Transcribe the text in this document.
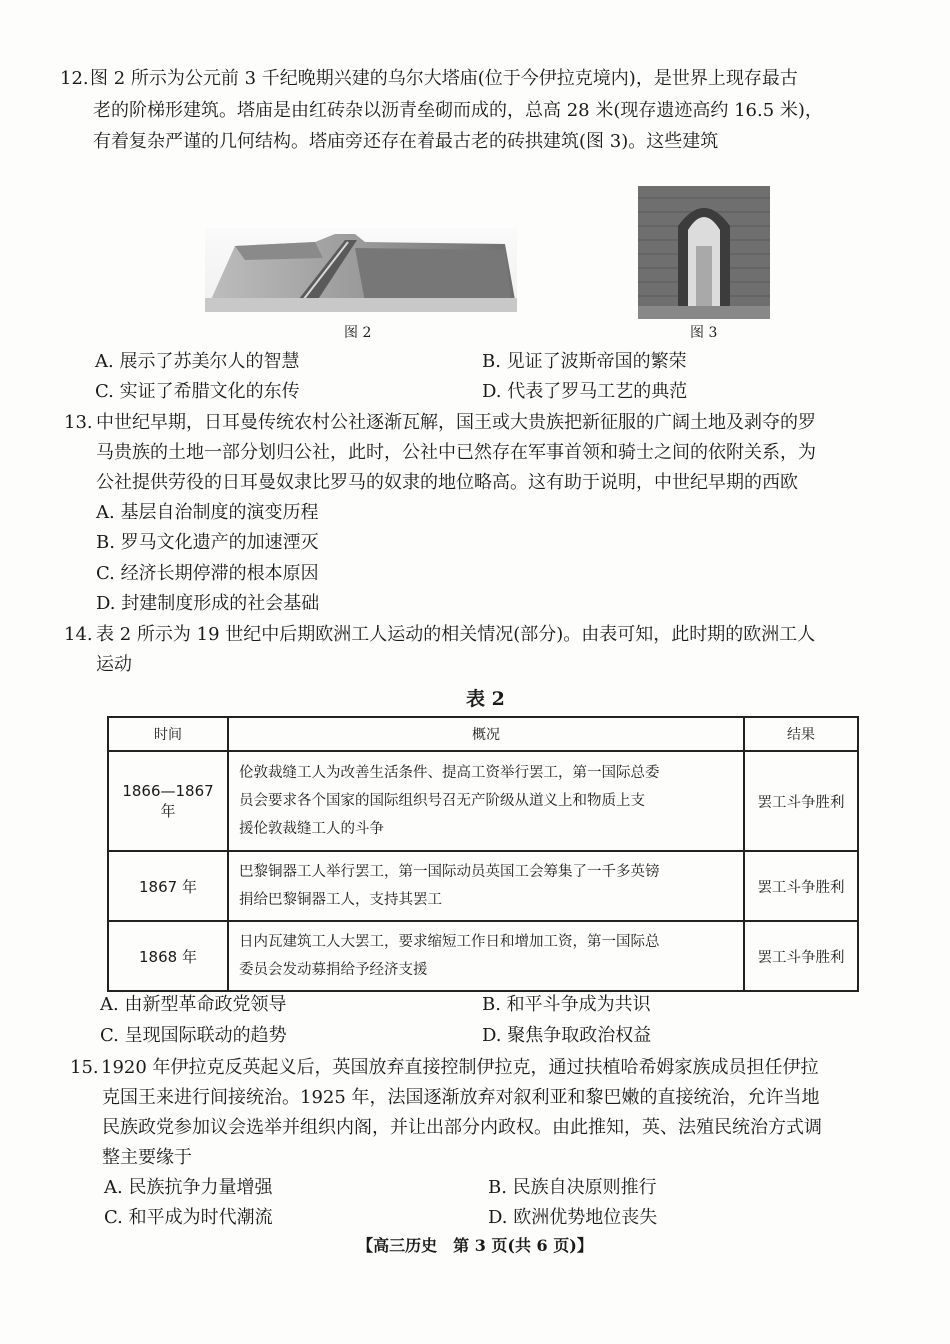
12. 图 2 所示为公元前 3 千纪晚期兴建的乌尔大塔庙(位于今伊拉克境内)，是世界上现存最古
老的阶梯形建筑。塔庙是由红砖杂以沥青垒砌而成的，总高 28 米(现存遗迹高约 16.5 米)，
有着复杂严谨的几何结构。塔庙旁还存在着最古老的砖拱建筑(图 3)。这些建筑
图 2	图 3
A. 展示了苏美尔人的智慧	B. 见证了波斯帝国的繁荣
C. 实证了希腊文化的东传	D. 代表了罗马工艺的典范
13. 中世纪早期，日耳曼传统农村公社逐渐瓦解，国王或大贵族把新征服的广阔土地及剥夺的罗
马贵族的土地一部分划归公社，此时，公社中已然存在军事首领和骑士之间的依附关系，为
公社提供劳役的日耳曼奴隶比罗马的奴隶的地位略高。这有助于说明，中世纪早期的西欧
A. 基层自治制度的演变历程
B. 罗马文化遗产的加速湮灭
C. 经济长期停滞的根本原因
D. 封建制度形成的社会基础
14. 表 2 所示为 19 世纪中后期欧洲工人运动的相关情况(部分)。由表可知，此时期的欧洲工人
运动
表 2
时间	概况	结果
1866—1867 年	伦敦裁缝工人为改善生活条件、提高工资举行罢工，第一国际总委
员会要求各个国家的国际组织号召无产阶级从道义上和物质上支
援伦敦裁缝工人的斗争	罢工斗争胜利
1867 年	巴黎铜器工人举行罢工，第一国际动员英国工会筹集了一千多英镑
捐给巴黎铜器工人，支持其罢工	罢工斗争胜利
1868 年	日内瓦建筑工人大罢工，要求缩短工作日和增加工资，第一国际总
委员会发动募捐给予经济支援	罢工斗争胜利
A. 由新型革命政党领导	B. 和平斗争成为共识
C. 呈现国际联动的趋势	D. 聚焦争取政治权益
15. 1920 年伊拉克反英起义后，英国放弃直接控制伊拉克，通过扶植哈希姆家族成员担任伊拉
克国王来进行间接统治。1925 年，法国逐渐放弃对叙利亚和黎巴嫩的直接统治，允许当地
民族政党参加议会选举并组织内阁，并让出部分内政权。由此推知，英、法殖民统治方式调
整主要缘于
A. 民族抗争力量增强	B. 民族自决原则推行
C. 和平成为时代潮流	D. 欧洲优势地位丧失
【高三历史　第 3 页(共 6 页)】
